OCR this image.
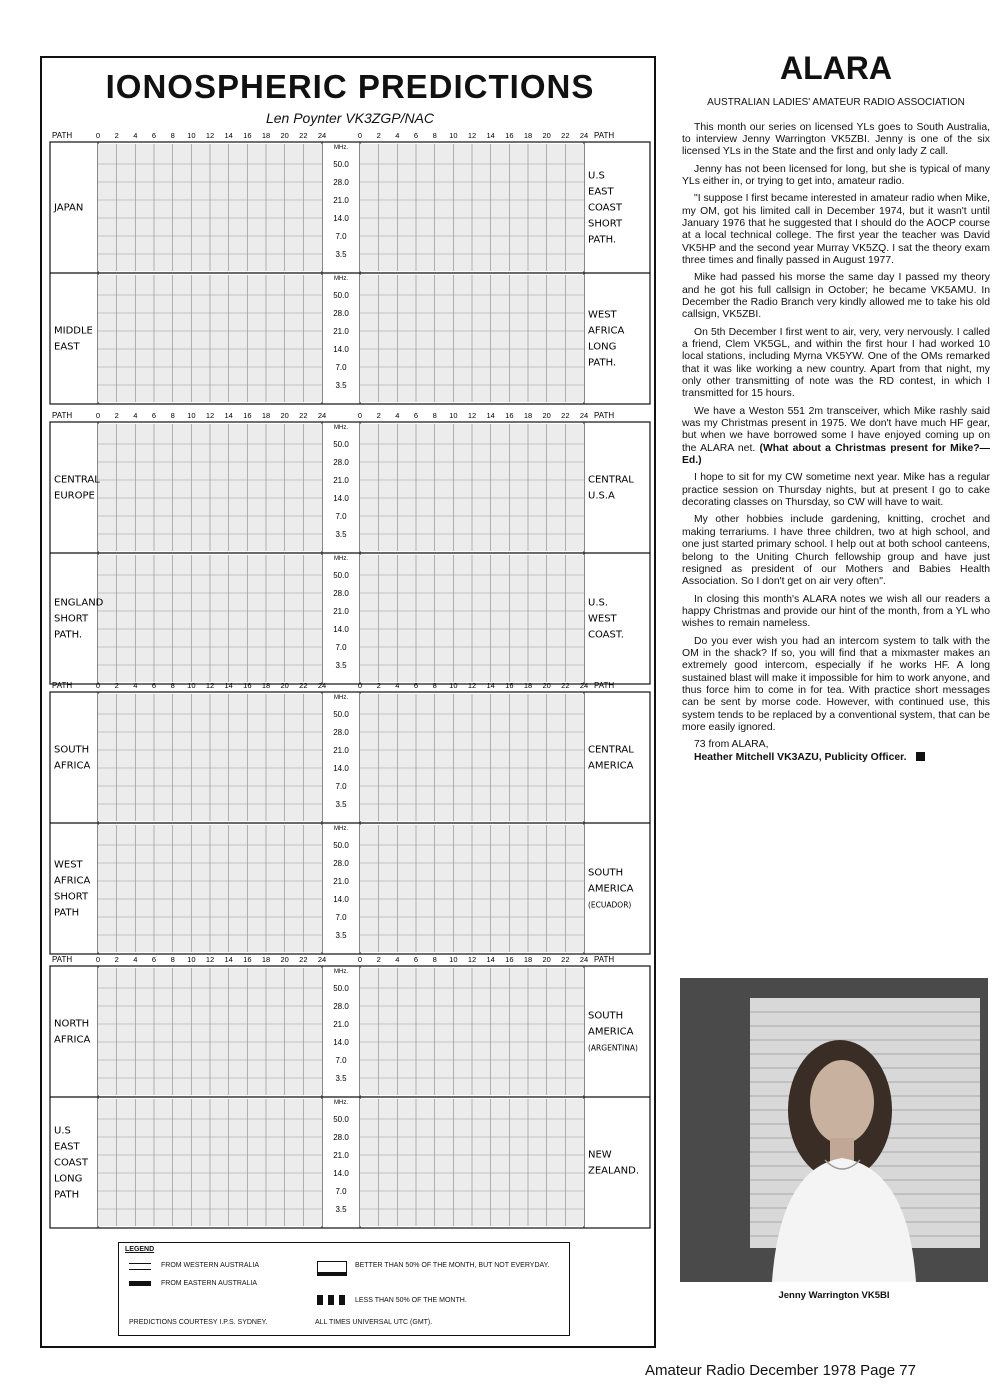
IONOSPHERIC PREDICTIONS
Len Poynter VK3ZGP/NAC
PATH	PATH
0	0
2	2
4	4
6	6
8	8
10	10
12	12
14	14
16	16
18	18
20	20
22	22
24	24
MHz.
50.0
28.0
21.0
14.0
7.0
3.5
JAPAN
U.S
EAST
COAST
SHORT
PATH.
MHz.
50.0
28.0
21.0
14.0
7.0
3.5
MIDDLE
EAST
WEST
AFRICA
LONG
PATH.
PATH	PATH
0	0
2	2
4	4
6	6
8	8
10	10
12	12
14	14
16	16
18	18
20	20
22	22
24	24
MHz.
50.0
28.0
21.0
14.0
7.0
3.5
CENTRAL
EUROPE
CENTRAL
U.S.A
MHz.
50.0
28.0
21.0
14.0
7.0
3.5
ENGLAND
SHORT
PATH.
U.S.
WEST
COAST.
PATH	PATH
0	0
2	2
4	4
6	6
8	8
10	10
12	12
14	14
16	16
18	18
20	20
22	22
24	24
MHz.
50.0
28.0
21.0
14.0
7.0
3.5
SOUTH
AFRICA
CENTRAL
AMERICA
MHz.
50.0
28.0
21.0
14.0
7.0
3.5
WEST
AFRICA
SHORT
PATH
SOUTH
AMERICA
(ECUADOR)
PATH	PATH
0	0
2	2
4	4
6	6
8	8
10	10
12	12
14	14
16	16
18	18
20	20
22	22
24	24
MHz.
50.0
28.0
21.0
14.0
7.0
3.5
NORTH
AFRICA
SOUTH
AMERICA
(ARGENTINA)
MHz.
50.0
28.0
21.0
14.0
7.0
3.5
U.S
EAST
COAST
LONG
PATH
NEW
ZEALAND.
LEGEND
FROM WESTERN AUSTRALIA
FROM EASTERN AUSTRALIA
BETTER THAN 50% OF THE MONTH, BUT NOT EVERYDAY.
LESS THAN 50% OF THE MONTH.
PREDICTIONS COURTESY I.P.S. SYDNEY.	ALL TIMES UNIVERSAL UTC (GMT).
ALARA
AUSTRALIAN LADIES' AMATEUR RADIO ASSOCIATION

This month our series on licensed YLs goes to South Australia, to interview Jenny Warrington VK5ZBI. Jenny is one of the six licensed YLs in the State and the first and only lady Z call.

Jenny has not been licensed for long, but she is typical of many YLs either in, or trying to get into, amateur radio.

"I suppose I first became interested in amateur radio when Mike, my OM, got his limited call in December 1974, but it wasn't until January 1976 that he suggested that I should do the AOCP course at a local technical college. The first year the teacher was David VK5HP and the second year Murray VK5ZQ. I sat the theory exam three times and finally passed in August 1977.

Mike had passed his morse the same day I passed my theory and he got his full callsign in October; he became VK5AMU. In December the Radio Branch very kindly allowed me to take his old callsign, VK5ZBI.

On 5th December I first went to air, very, very nervously. I called a friend, Clem VK5GL, and within the first hour I had worked 10 local stations, including Myrna VK5YW. One of the OMs remarked that it was like working a new country. Apart from that night, my only other transmitting of note was the RD contest, in which I transmitted for 15 hours.

We have a Weston 551 2m transceiver, which Mike rashly said was my Christmas present in 1975. We don't have much HF gear, but when we have borrowed some I have enjoyed coming up on the ALARA net. (What about a Christmas present for Mike?—Ed.)

I hope to sit for my CW sometime next year. Mike has a regular practice session on Thursday nights, but at present I go to cake decorating classes on Thursday, so CW will have to wait.

My other hobbies include gardening, knitting, crochet and making terrariums. I have three children, two at high school, and one just started primary school. I help out at both school canteens, belong to the Uniting Church fellowship group and have just resigned as president of our Mothers and Babies Health Association. So I don't get on air very often".

In closing this month's ALARA notes we wish all our readers a happy Christmas and provide our hint of the month, from a YL who wishes to remain nameless.

Do you ever wish you had an intercom system to talk with the OM in the shack? If so, you will find that a mixmaster makes an extremely good intercom, especially if he works HF. A long sustained blast will make it impossible for him to work anyone, and thus force him to come in for tea. With practice short messages can be sent by morse code. However, with continued use, this system tends to be replaced by a conventional system, that can be more easily ignored.

73 from ALARA,
Heather Mitchell VK3AZU, Publicity Officer.
Jenny Warrington VK5BI
Amateur Radio December 1978 Page 77
